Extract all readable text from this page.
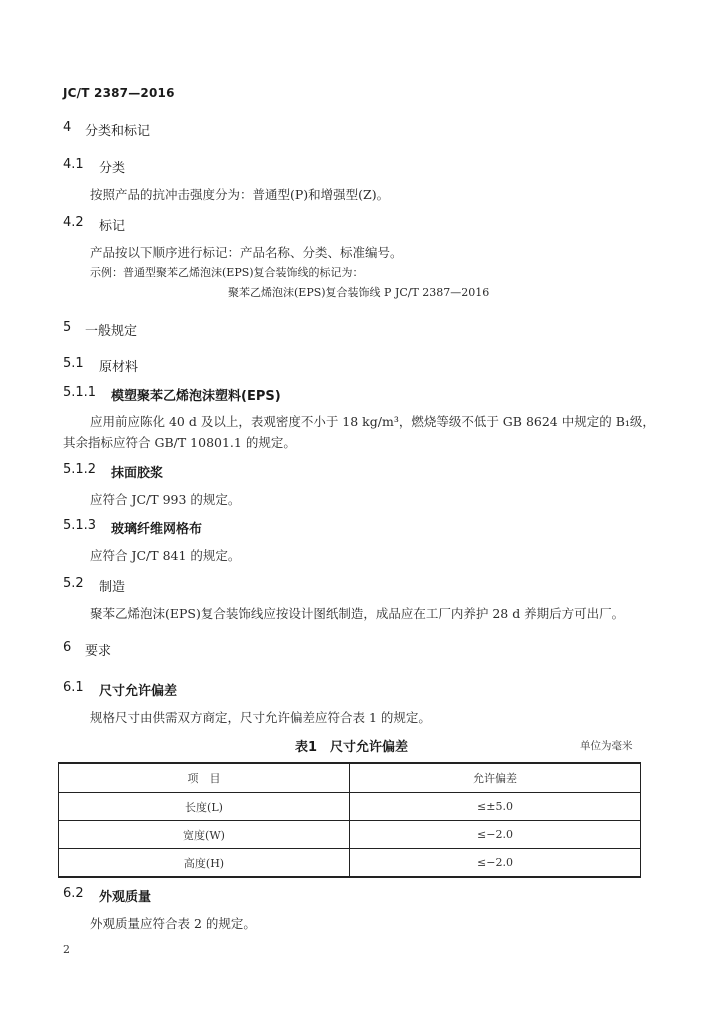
JC/T 2387—2016
4 分类和标记
4.1 分类
按照产品的抗冲击强度分为：普通型(P)和增强型(Z)。
4.2 标记
产品按以下顺序进行标记：产品名称、分类、标准编号。
示例：普通型聚苯乙烯泡沫(EPS)复合装饰线的标记为：
聚苯乙烯泡沫(EPS)复合装饰线 P JC/T 2387—2016
5 一般规定
5.1 原材料
5.1.1 模塑聚苯乙烯泡沫塑料(EPS)
应用前应陈化 40 d 及以上，表观密度不小于 18 kg/m³，燃烧等级不低于 GB 8624 中规定的 B₁级，
其余指标应符合 GB/T 10801.1 的规定。
5.1.2 抹面胶浆
应符合 JC/T 993 的规定。
5.1.3 玻璃纤维网格布
应符合 JC/T 841 的规定。
5.2 制造
聚苯乙烯泡沫(EPS)复合装饰线应按设计图纸制造，成品应在工厂内养护 28 d 养期后方可出厂。
6 要求
6.1 尺寸允许偏差
规格尺寸由供需双方商定，尺寸允许偏差应符合表 1 的规定。
表1　尺寸允许偏差	单位为毫米
项　目	允许偏差
长度(L)	≤±5.0
宽度(W)	≤−2.0
高度(H)	≤−2.0
6.2 外观质量
外观质量应符合表 2 的规定。
2
